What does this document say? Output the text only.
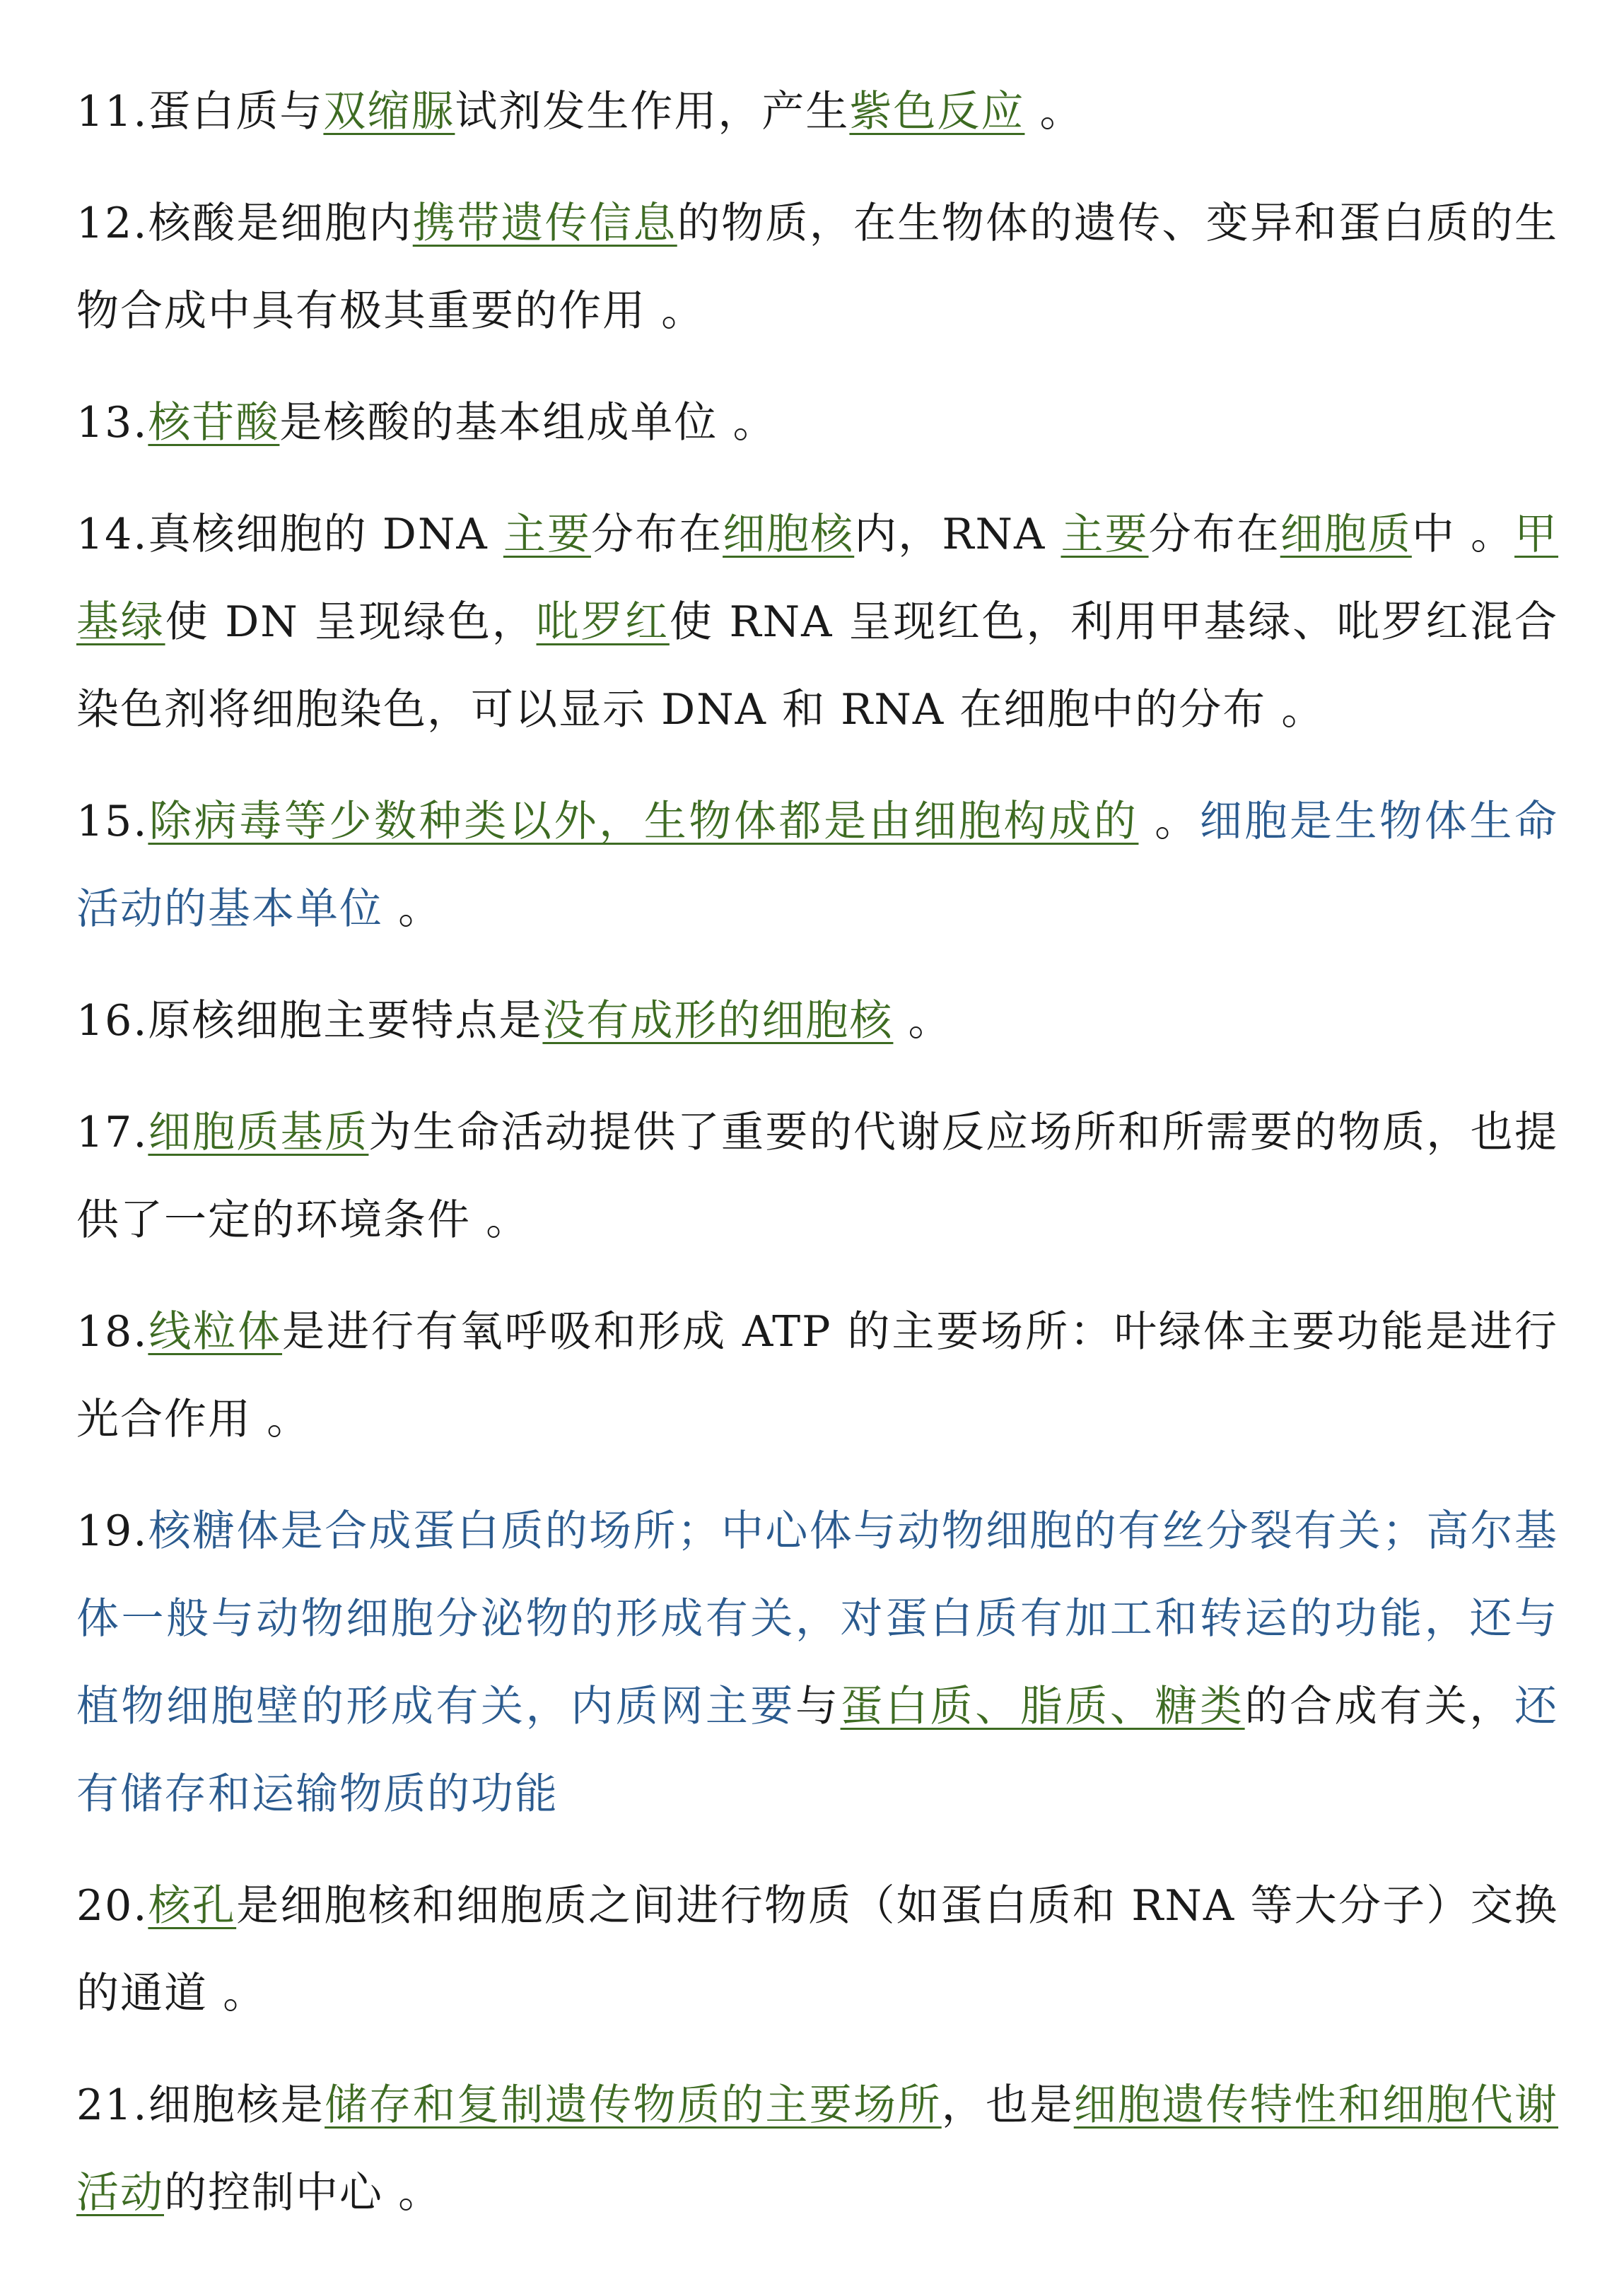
11.蛋白质与双缩脲试剂发生作用，产生紫色反应 。

12.核酸是细胞内携带遗传信息的物质，在生物体的遗传、变异和蛋白质的生物合成中具有极其重要的作用 。

13.核苷酸是核酸的基本组成单位 。

14.真核细胞的 DNA 主要分布在细胞核内，RNA 主要分布在细胞质中 。甲基绿使 DN 呈现绿色，吡罗红使 RNA 呈现红色，利用甲基绿、吡罗红混合染色剂将细胞染色，可以显示 DNA 和 RNA 在细胞中的分布 。

15.除病毒等少数种类以外，生物体都是由细胞构成的 。细胞是生物体生命活动的基本单位 。

16.原核细胞主要特点是没有成形的细胞核 。

17.细胞质基质为生命活动提供了重要的代谢反应场所和所需要的物质，也提供了一定的环境条件 。

18.线粒体是进行有氧呼吸和形成 ATP 的主要场所：叶绿体主要功能是进行光合作用 。

19.核糖体是合成蛋白质的场所；中心体与动物细胞的有丝分裂有关；高尔基体一般与动物细胞分泌物的形成有关，对蛋白质有加工和转运的功能，还与植物细胞壁的形成有关，内质网主要与蛋白质、脂质、糖类的合成有关，还有储存和运输物质的功能

20.核孔是细胞核和细胞质之间进行物质（如蛋白质和 RNA 等大分子）交换的通道 。

21.细胞核是储存和复制遗传物质的主要场所，也是细胞遗传特性和细胞代谢活动的控制中心 。
